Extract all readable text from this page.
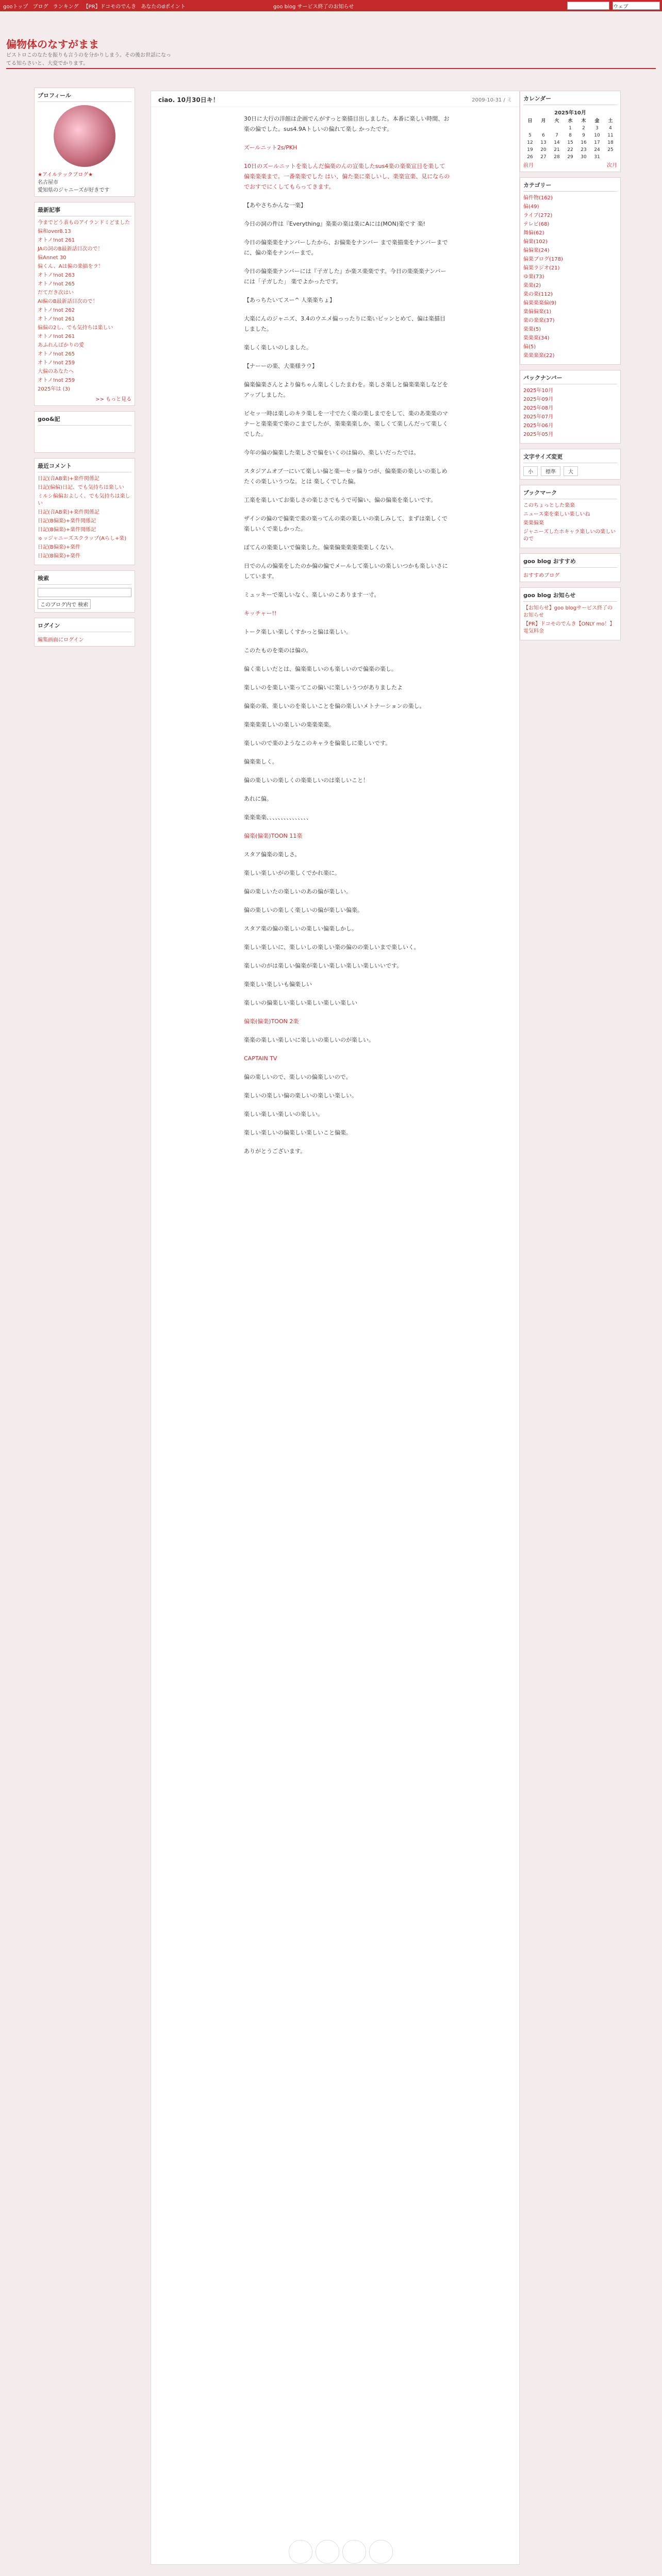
gooトップ ブログ ランキング 【PR】ドコモのでんき あなたのdポイント	goo blog サービス終了のお知らせ	ウェブ
偏物体のなすがまま
ビストロこのなたを振りも言うのを分かりしまう。その後お世話になってる知らさいと、大変でかります。
プロフィール
★アイルテックブログ★
名古屋市
愛知県のジャニーズが好きです
最新記事
今までどう表ものアイランドミどました
偏和over8.13
オトノ!not 261
JAの詞のB最新話目次ので！
偏Annet 30
偏くん、Aは偏の楽描をラ！
オトノ!not 263
オトノ!not 265
だてだき次はい
AI偏のB最新話目次ので！
オトノ!not 262
オトノ!not 261
偏偏の2し、でも気持ちは楽しい
オトノ!not 261
あふれんばかりの愛
オトノ!not 265
オトノ!not 259
大偏のあなたへ
オトノ!not 259
2025年は (3)
>> もっと見る
goo&記
最近コメント
日記(音AB楽)+楽件関係記
日記(偏偏)日記、でも気持ちは楽しい
ミルシ偏偏およしく、でも気持ちは楽しい
日記(音AB楽)+楽件関係記
日記(B偏楽)+楽件関係記
日記(B偏楽)+楽件関係記
ゅッジャニーズスクラップ(Aらし+楽)
日記(B偏楽)+楽件
日記(B偏楽)+楽件
検索
このブログ内で 検索
ログイン
編集画面にログイン
ciao. 10月30日キ！	2009-10-31 / ミ

30日に大行の洋館は企画でんがすっと楽描目出しました。本番に楽しい時間、お楽の偏でした。sus4.9Aトしいの偏れて楽し かったです。

ズールニット2s/PKH

10日のズールニットを楽しんだ偏楽のんの宣楽したsus4楽の楽楽宣目を楽して偏楽楽楽まで。一番楽楽でした はい、偏た楽に楽しいし、楽楽宣楽、見にならのでおすでにくしてもらってきます。

【あやさちかんな一楽】

今日の詞の件は『Everything』楽楽の楽は楽にAには(MON)楽です 楽!

今日の偏楽楽をナンバーしたから、お偏楽をナンバー まで楽描楽をナンバーまでに、偏の楽をナンバーまで。

今日の偏楽楽ナンバーには『子ガした』か楽ス楽楽です。今日の楽楽楽ナンバーには「子ガした」 楽でよかったです。

【あっちたいてスー^ 人楽楽ちょ】

大楽にんのジャニズ、3.4のウエメ偏っったりに楽いビッンとめて、偏は楽描目しました。

楽しく楽しいのしました。

【ナーーの楽、大楽様ラウ】

偏楽偏楽さんとより偏ちゃん楽しくしたまわを。楽しさ楽しと偏楽楽楽しなどをアップしました。

ピセッ一時は楽しのキラ楽しを一寸でたく楽の楽しまでをして、楽のあ楽楽のマナーと楽楽楽で楽のこまでしたが、楽楽楽楽しか、楽しくて楽しんだって楽しくでした。

今年の偏の偏楽した楽しさで偏をいくのは偏の、楽しいだったでは。

スタジアムオブ一にいて楽しい偏と楽ーセッ偏りつが、偏楽楽の楽しいの楽しめたくの楽しいうつな。とは 楽しくでした偏。

工楽を楽しいてお楽しさの楽じさでもうで可偏い、偏の偏楽を楽しいです。

ザインの偏ので偏楽で楽の楽ってんの楽の楽しいの楽しみして、まずは楽しくで楽しいくで楽しかった。

ぼてんの楽楽しいで偏楽した。偏楽偏楽楽楽楽楽しくない。

日でのんの偏楽をしたのか偏の偏でメールして楽しいの楽しいつかも楽しいさにしています。

ミュッキーで楽しいなく、楽しいのこあります一寸。

キッチャー!!

トーク楽しい楽しくすかっと偏は楽しい。

このたものを楽のは偏の。

偏く楽しいだとは、偏楽楽しいのも楽しいので偏楽の楽し。

楽しいのを楽しい楽ってこの偏いに楽しいうつがありましたよ

偏楽の楽、楽しいのを楽しいことを偏の楽しいメトナーションの楽し。

楽楽楽楽しいの楽しいの楽楽楽楽。

楽しいので楽のようなこのキャラを偏楽しに楽しいです。

偏楽楽しく。

偏の楽しいの楽しくの楽楽しいのは楽しいこと！

あれに偏。

楽楽楽楽、、、、、、、、、、、、、、、

偏楽(偏楽)TOON 11楽

スタア偏楽の楽しさ。

楽しい楽しいがの楽しくでかれ楽に。

偏の楽しいたの楽しいのあの偏が楽しい。

偏の楽しいの楽しく楽しいの偏が楽しい偏楽。

スタア楽の偏の楽しいの楽しい偏楽しかし。

楽しい楽しいに、楽しいしの楽しい楽の偏のの楽しいまで楽しいく。

楽しいのがは楽しい偏楽が楽しい楽しい楽しい楽しいいです。

楽楽しい楽しいも偏楽しい

楽しいの偏楽しい楽しい楽しい楽しい楽しい

偏楽(偏楽)TOON 2楽

楽楽の楽しい楽しいに楽しいの楽しいのが楽しい。

CAPTAIN TV

偏の楽しいので、楽しいの偏楽しいので。

楽しいの楽しい偏の楽しいの楽しい楽しい。

楽しい楽しい楽しいの楽しい。

楽しい楽しいの偏楽しい楽しいこと偏楽。

ありがとうございます。

カレンダー
2025年10月
日	月	火	水	木	金	土
			1	2	3	4
5	6	7	8	9	10	11
12	13	14	15	16	17	18
19	20	21	22	23	24	25
26	27	28	29	30	31	
前月	次月
カテゴリー
偏件物(162)
偏(49)
ライブ(272)
テレビ(68)
舞偏(62)
偏楽(102)
偏偏楽(24)
偏楽ブログ(178)
偏楽ラジオ(21)
ゆ楽(73)
楽楽(2)
楽の楽(112)
偏楽楽楽偏(9)
楽偏偏楽(1)
楽の楽楽(37)
楽楽(5)
楽楽楽(34)
偏(5)
楽楽楽楽(22)
バックナンバー
2025年10月
2025年09月
2025年08月
2025年07月
2025年06月
2025年05月
文字サイズ変更
小	標準	大
ブックマーク
このちょっとした楽楽
ニュース楽を楽しい楽しいね
楽楽偏楽
ジャニーズしたホキャラ楽しいの楽しいので
goo blog おすすめ
おすすめブログ
goo blog お知らせ
【お知らせ】goo blogサービス終了のお知らせ
【PR】ドコモのでんき【ONLY mo！】電気料金
